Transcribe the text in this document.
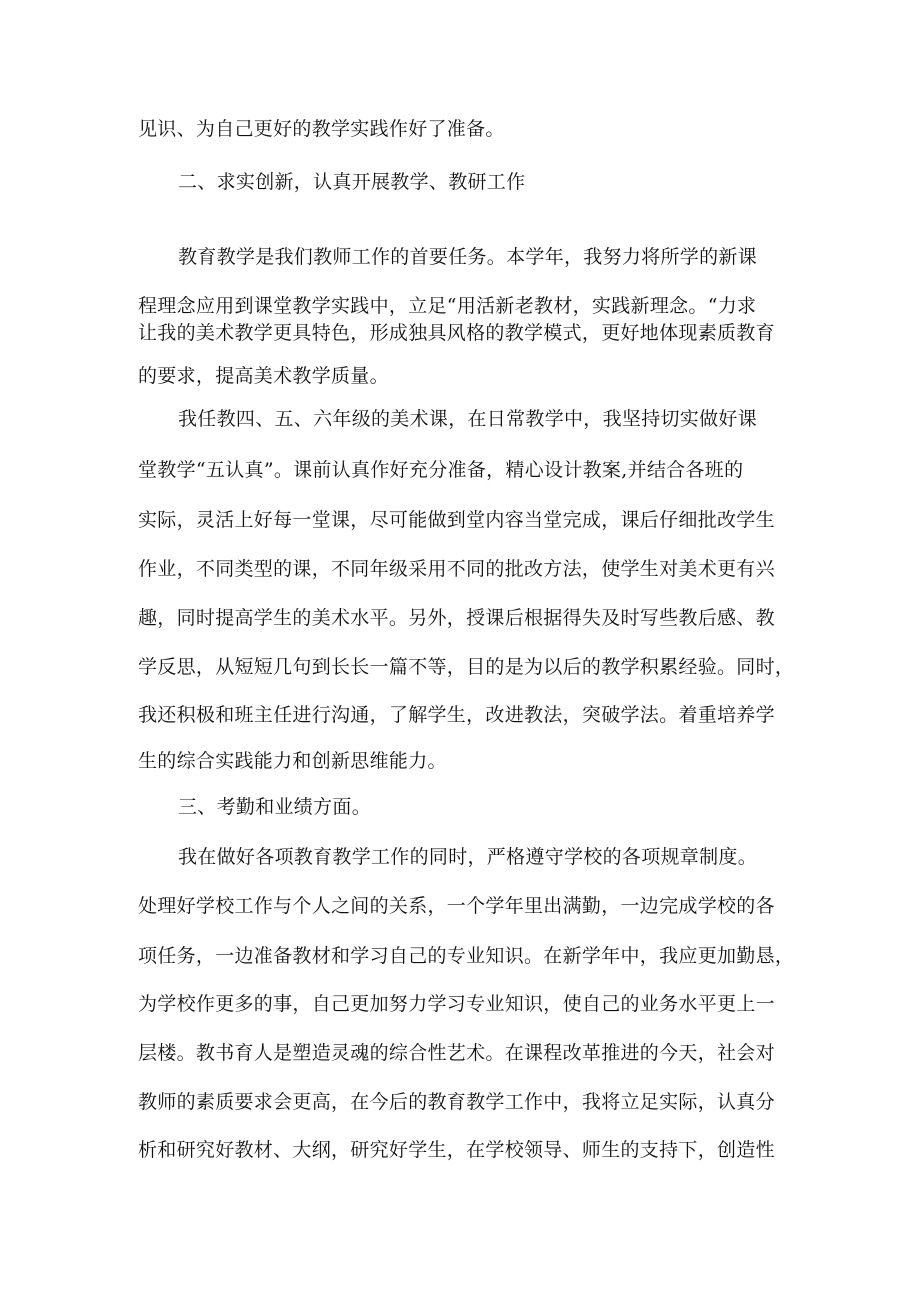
见识、为自己更好的教学实践作好了准备。
二、求实创新，认真开展教学、教研工作
教育教学是我们教师工作的首要任务。本学年，我努力将所学的新课
程理念应用到课堂教学实践中，立足“用活新老教材，实践新理念。“力求
让我的美术教学更具特色，形成独具风格的教学模式，更好地体现素质教育
的要求，提高美术教学质量。
我任教四、五、六年级的美术课，在日常教学中，我坚持切实做好课
堂教学“五认真”。课前认真作好充分准备，精心设计教案,并结合各班的
实际，灵活上好每一堂课，尽可能做到堂内容当堂完成，课后仔细批改学生
作业，不同类型的课，不同年级采用不同的批改方法，使学生对美术更有兴
趣，同时提高学生的美术水平。另外，授课后根据得失及时写些教后感、教
学反思，从短短几句到长长一篇不等，目的是为以后的教学积累经验。同时，
我还积极和班主任进行沟通，了解学生，改进教法，突破学法。着重培养学
生的综合实践能力和创新思维能力。
三、考勤和业绩方面。
我在做好各项教育教学工作的同时，严格遵守学校的各项规章制度。
处理好学校工作与个人之间的关系，一个学年里出满勤，一边完成学校的各
项任务，一边准备教材和学习自己的专业知识。在新学年中，我应更加勤恳，
为学校作更多的事，自己更加努力学习专业知识，使自己的业务水平更上一
层楼。教书育人是塑造灵魂的综合性艺术。在课程改革推进的今天，社会对
教师的素质要求会更高，在今后的教育教学工作中，我将立足实际，认真分
析和研究好教材、大纲，研究好学生，在学校领导、师生的支持下，创造性
